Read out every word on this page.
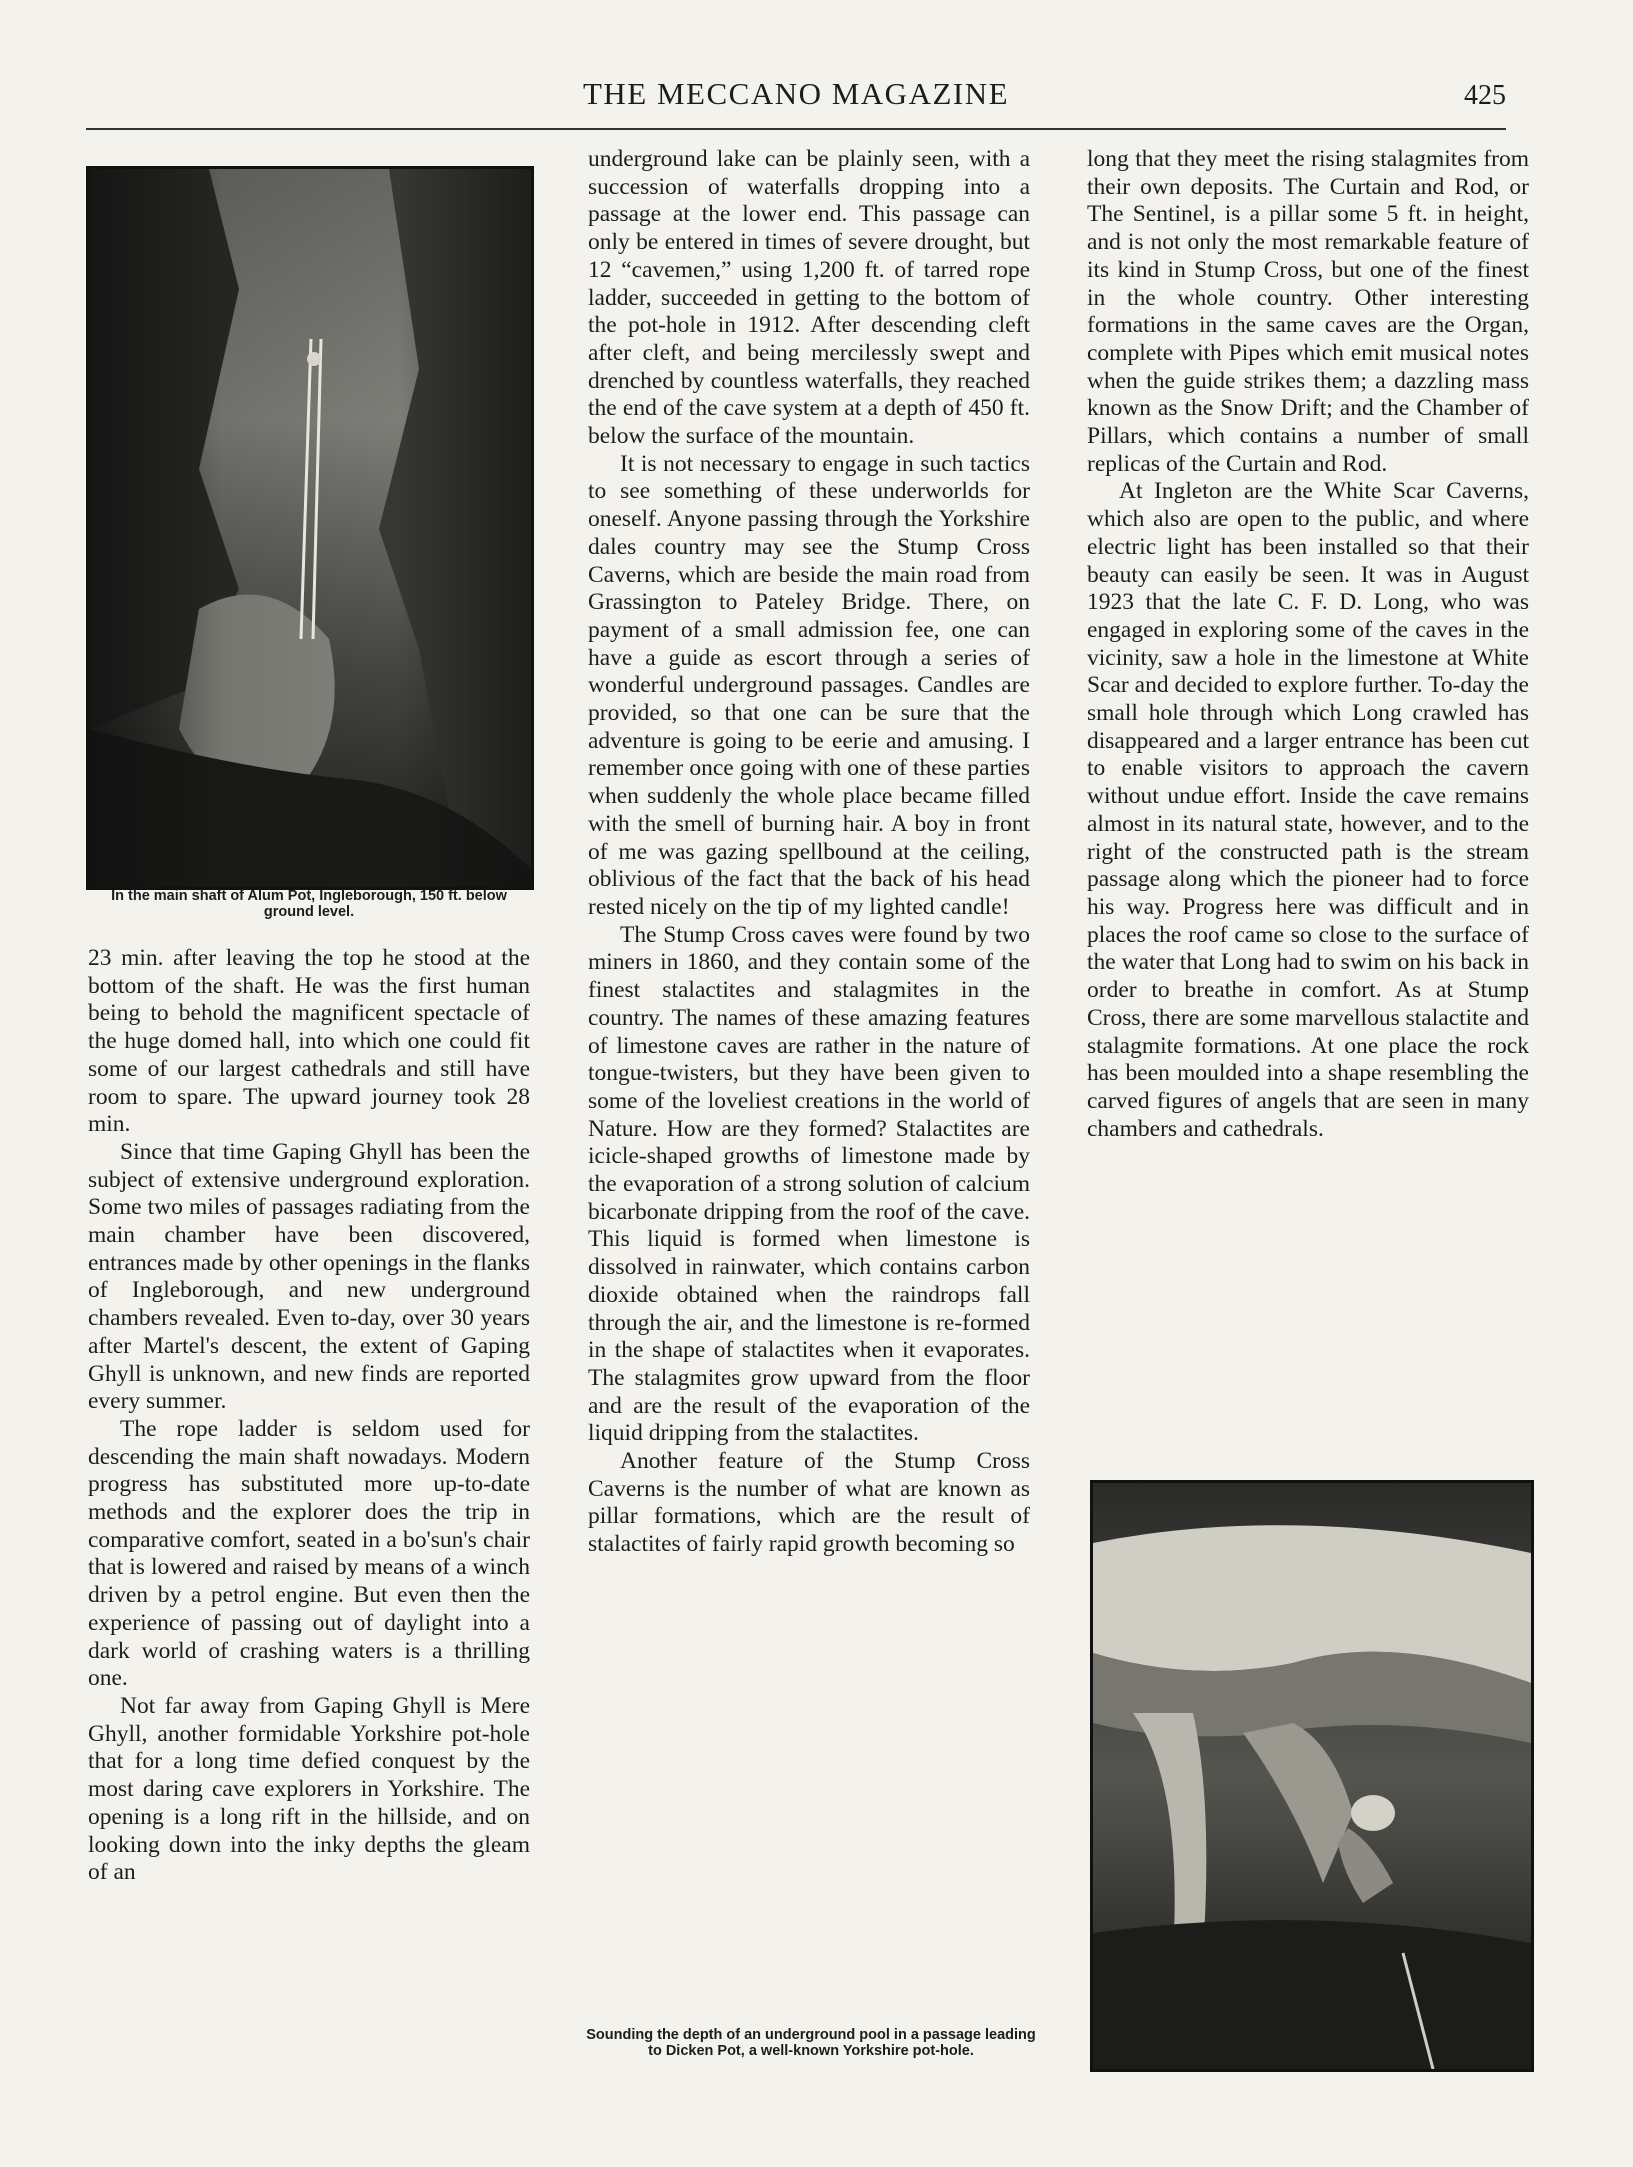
THE MECCANO MAGAZINE	425
In the main shaft of Alum Pot, Ingleborough, 150 ft. below ground level.

23 min. after leaving the top he stood at the bottom of the shaft. He was the first human being to behold the magnificent spectacle of the huge domed hall, into which one could fit some of our largest cathedrals and still have room to spare. The upward journey took 28 min.

Since that time Gaping Ghyll has been the subject of extensive underground exploration. Some two miles of passages radiating from the main chamber have been discovered, entrances made by other openings in the flanks of Ingleborough, and new underground chambers revealed. Even to-day, over 30 years after Martel's descent, the extent of Gaping Ghyll is unknown, and new finds are reported every summer.

The rope ladder is seldom used for descending the main shaft nowadays. Modern progress has substituted more up-to-date methods and the explorer does the trip in comparative comfort, seated in a bo'sun's chair that is lowered and raised by means of a winch driven by a petrol engine. But even then the experience of passing out of daylight into a dark world of crashing waters is a thrilling one.

Not far away from Gaping Ghyll is Mere Ghyll, another formidable Yorkshire pot-hole that for a long time defied conquest by the most daring cave explorers in Yorkshire. The opening is a long rift in the hillside, and on looking down into the inky depths the gleam of an

underground lake can be plainly seen, with a succession of waterfalls dropping into a passage at the lower end. This passage can only be entered in times of severe drought, but 12 “cavemen,” using 1,200 ft. of tarred rope ladder, succeeded in getting to the bottom of the pot-hole in 1912. After descending cleft after cleft, and being mercilessly swept and drenched by countless waterfalls, they reached the end of the cave system at a depth of 450 ft. below the surface of the mountain.

It is not necessary to engage in such tactics to see something of these underworlds for oneself. Anyone passing through the Yorkshire dales country may see the Stump Cross Caverns, which are beside the main road from Grassington to Pateley Bridge. There, on payment of a small admission fee, one can have a guide as escort through a series of wonderful underground passages. Candles are provided, so that one can be sure that the adventure is going to be eerie and amusing. I remember once going with one of these parties when suddenly the whole place became filled with the smell of burning hair. A boy in front of me was gazing spellbound at the ceiling, oblivious of the fact that the back of his head rested nicely on the tip of my lighted candle!

The Stump Cross caves were found by two miners in 1860, and they contain some of the finest stalactites and stalagmites in the country. The names of these amazing features of limestone caves are rather in the nature of tongue-twisters, but they have been given to some of the loveliest creations in the world of Nature. How are they formed? Stalactites are icicle-shaped growths of limestone made by the evaporation of a strong solution of calcium bicarbonate dripping from the roof of the cave. This liquid is formed when limestone is dissolved in rainwater, which contains carbon dioxide obtained when the raindrops fall through the air, and the limestone is re-formed in the shape of stalactites when it evaporates. The stalagmites grow upward from the floor and are the result of the evaporation of the liquid dripping from the stalactites.

Another feature of the Stump Cross Caverns is the number of what are known as pillar formations, which are the result of stalactites of fairly rapid growth becoming so

Sounding the depth of an underground pool in a passage leading to Dicken Pot, a well-known Yorkshire pot-hole.

long that they meet the rising stalagmites from their own deposits. The Curtain and Rod, or The Sentinel, is a pillar some 5 ft. in height, and is not only the most remarkable feature of its kind in Stump Cross, but one of the finest in the whole country. Other interesting formations in the same caves are the Organ, complete with Pipes which emit musical notes when the guide strikes them; a dazzling mass known as the Snow Drift; and the Chamber of Pillars, which contains a number of small replicas of the Curtain and Rod.

At Ingleton are the White Scar Caverns, which also are open to the public, and where electric light has been installed so that their beauty can easily be seen. It was in August 1923 that the late C. F. D. Long, who was engaged in exploring some of the caves in the vicinity, saw a hole in the limestone at White Scar and decided to explore further. To-day the small hole through which Long crawled has disappeared and a larger entrance has been cut to enable visitors to approach the cavern without undue effort. Inside the cave remains almost in its natural state, however, and to the right of the constructed path is the stream passage along which the pioneer had to force his way. Progress here was difficult and in places the roof came so close to the surface of the water that Long had to swim on his back in order to breathe in comfort. As at Stump Cross, there are some marvellous stalactite and stalagmite formations. At one place the rock has been moulded into a shape resembling the carved figures of angels that are seen in many chambers and cathedrals.
